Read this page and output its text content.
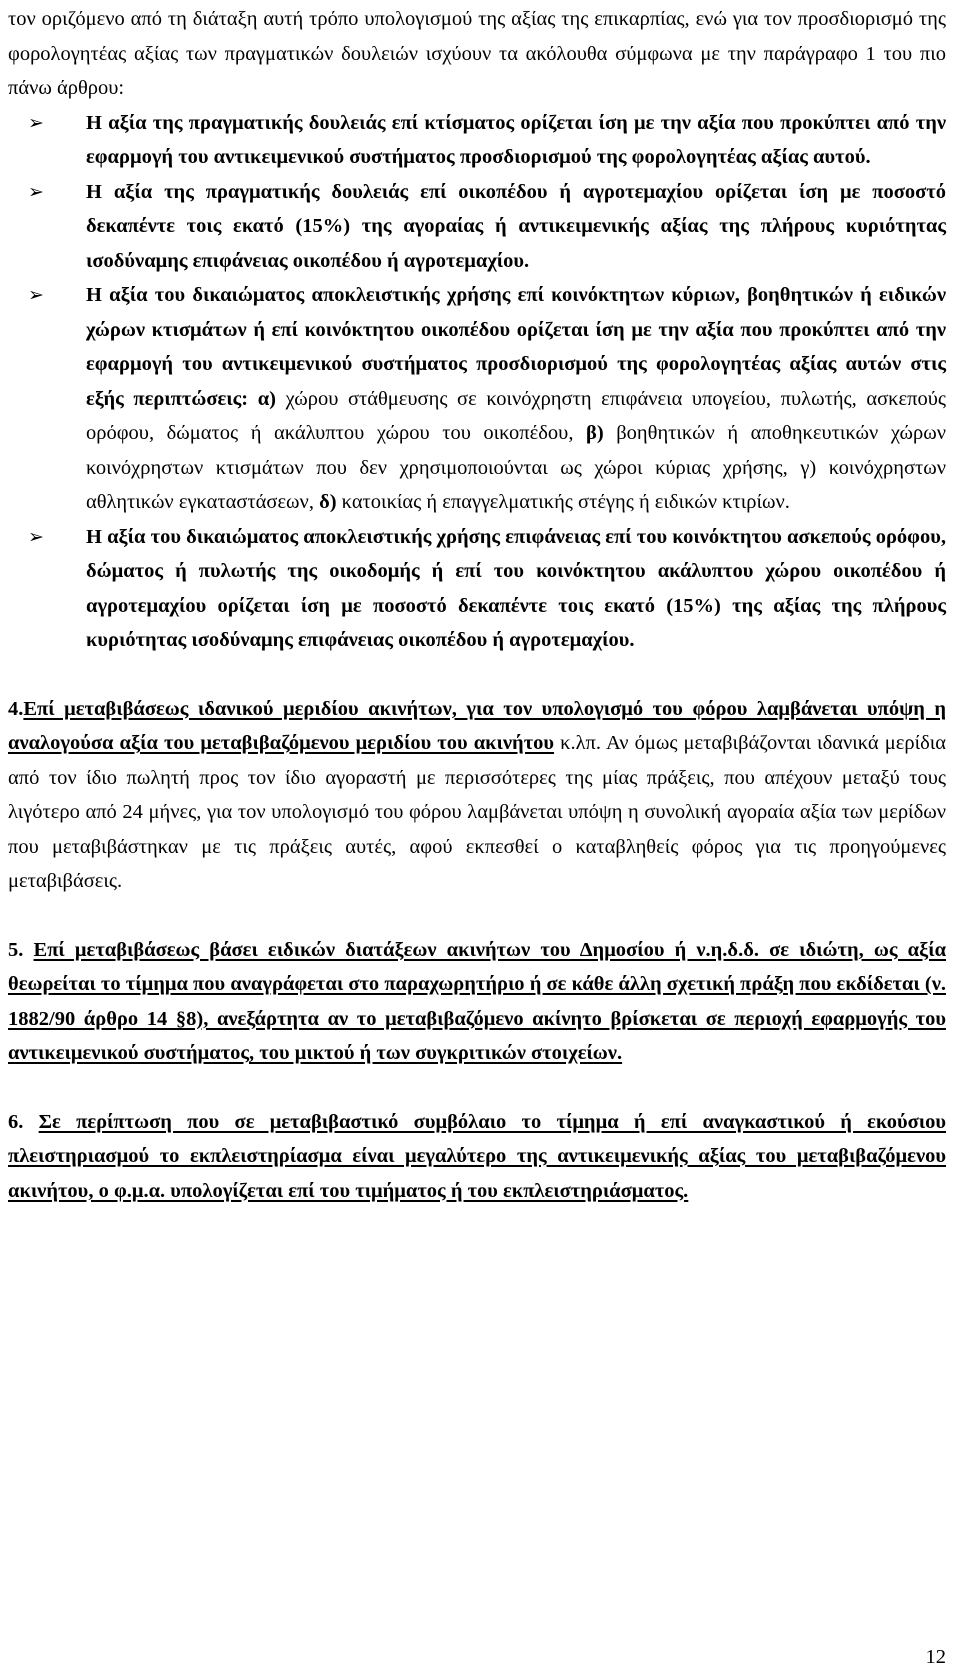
τον οριζόμενο από τη διάταξη αυτή τρόπο υπολογισμού της αξίας της επικαρπίας, ενώ για τον προσδιορισμό της φορολογητέας αξίας των πραγματικών δουλειών ισχύουν τα ακόλουθα σύμφωνα με την παράγραφο 1 του πιο πάνω άρθρου:

➢ Η αξία της πραγματικής δουλειάς επί κτίσματος ορίζεται ίση με την αξία που προκύπτει από την εφαρμογή του αντικειμενικού συστήματος προσδιορισμού της φορολογητέας αξίας αυτού.
➢ Η αξία της πραγματικής δουλειάς επί οικοπέδου ή αγροτεμαχίου ορίζεται ίση με ποσοστό δεκαπέντε τοις εκατό (15%) της αγοραίας ή αντικειμενικής αξίας της πλήρους κυριότητας ισοδύναμης επιφάνειας οικοπέδου ή αγροτεμαχίου.
➢ Η αξία του δικαιώματος αποκλειστικής χρήσης επί κοινόκτητων κύριων, βοηθητικών ή ειδικών χώρων κτισμάτων ή επί κοινόκτητου οικοπέδου ορίζεται ίση με την αξία που προκύπτει από την εφαρμογή του αντικειμενικού συστήματος προσδιορισμού της φορολογητέας αξίας αυτών στις εξής περιπτώσεις: α) χώρου στάθμευσης σε κοινόχρηστη επιφάνεια υπογείου, πυλωτής, ασκεπούς ορόφου, δώματος ή ακάλυπτου χώρου του οικοπέδου, β) βοηθητικών ή αποθηκευτικών χώρων κοινόχρηστων κτισμάτων που δεν χρησιμοποιούνται ως χώροι κύριας χρήσης, γ) κοινόχρηστων αθλητικών εγκαταστάσεων, δ) κατοικίας ή επαγγελματικής στέγης ή ειδικών κτιρίων.
➢ Η αξία του δικαιώματος αποκλειστικής χρήσης επιφάνειας επί του κοινόκτητου ασκεπούς ορόφου, δώματος ή πυλωτής της οικοδομής ή επί του κοινόκτητου ακάλυπτου χώρου οικοπέδου ή αγροτεμαχίου ορίζεται ίση με ποσοστό δεκαπέντε τοις εκατό (15%) της αξίας της πλήρους κυριότητας ισοδύναμης επιφάνειας οικοπέδου ή αγροτεμαχίου.

4.Επί μεταβιβάσεως ιδανικού μεριδίου ακινήτων, για τον υπολογισμό του φόρου λαμβάνεται υπόψη η αναλογούσα αξία του μεταβιβαζόμενου μεριδίου του ακινήτου κ.λπ. Αν όμως μεταβιβάζονται ιδανικά μερίδια από τον ίδιο πωλητή προς τον ίδιο αγοραστή με περισσότερες της μίας πράξεις, που απέχουν μεταξύ τους λιγότερο από 24 μήνες, για τον υπολογισμό του φόρου λαμβάνεται υπόψη η συνολική αγοραία αξία των μερίδων που μεταβιβάστηκαν με τις πράξεις αυτές, αφού εκπεσθεί ο καταβληθείς φόρος για τις προηγούμενες μεταβιβάσεις.

5. Επί μεταβιβάσεως βάσει ειδικών διατάξεων ακινήτων του Δημοσίου ή ν.η.δ.δ. σε ιδιώτη, ως αξία θεωρείται το τίμημα που αναγράφεται στο παραχωρητήριο ή σε κάθε άλλη σχετική πράξη που εκδίδεται (ν. 1882/90 άρθρο 14 §8), ανεξάρτητα αν το μεταβιβαζόμενο ακίνητο βρίσκεται σε περιοχή εφαρμογής του αντικειμενικού συστήματος, του μικτού ή των συγκριτικών στοιχείων.

6. Σε περίπτωση που σε μεταβιβαστικό συμβόλαιο το τίμημα ή επί αναγκαστικού ή εκούσιου πλειστηριασμού το εκπλειστηρίασμα είναι μεγαλύτερο της αντικειμενικής αξίας του μεταβιβαζόμενου ακινήτου, ο φ.μ.α. υπολογίζεται επί του τιμήματος ή του εκπλειστηριάσματος.

12
